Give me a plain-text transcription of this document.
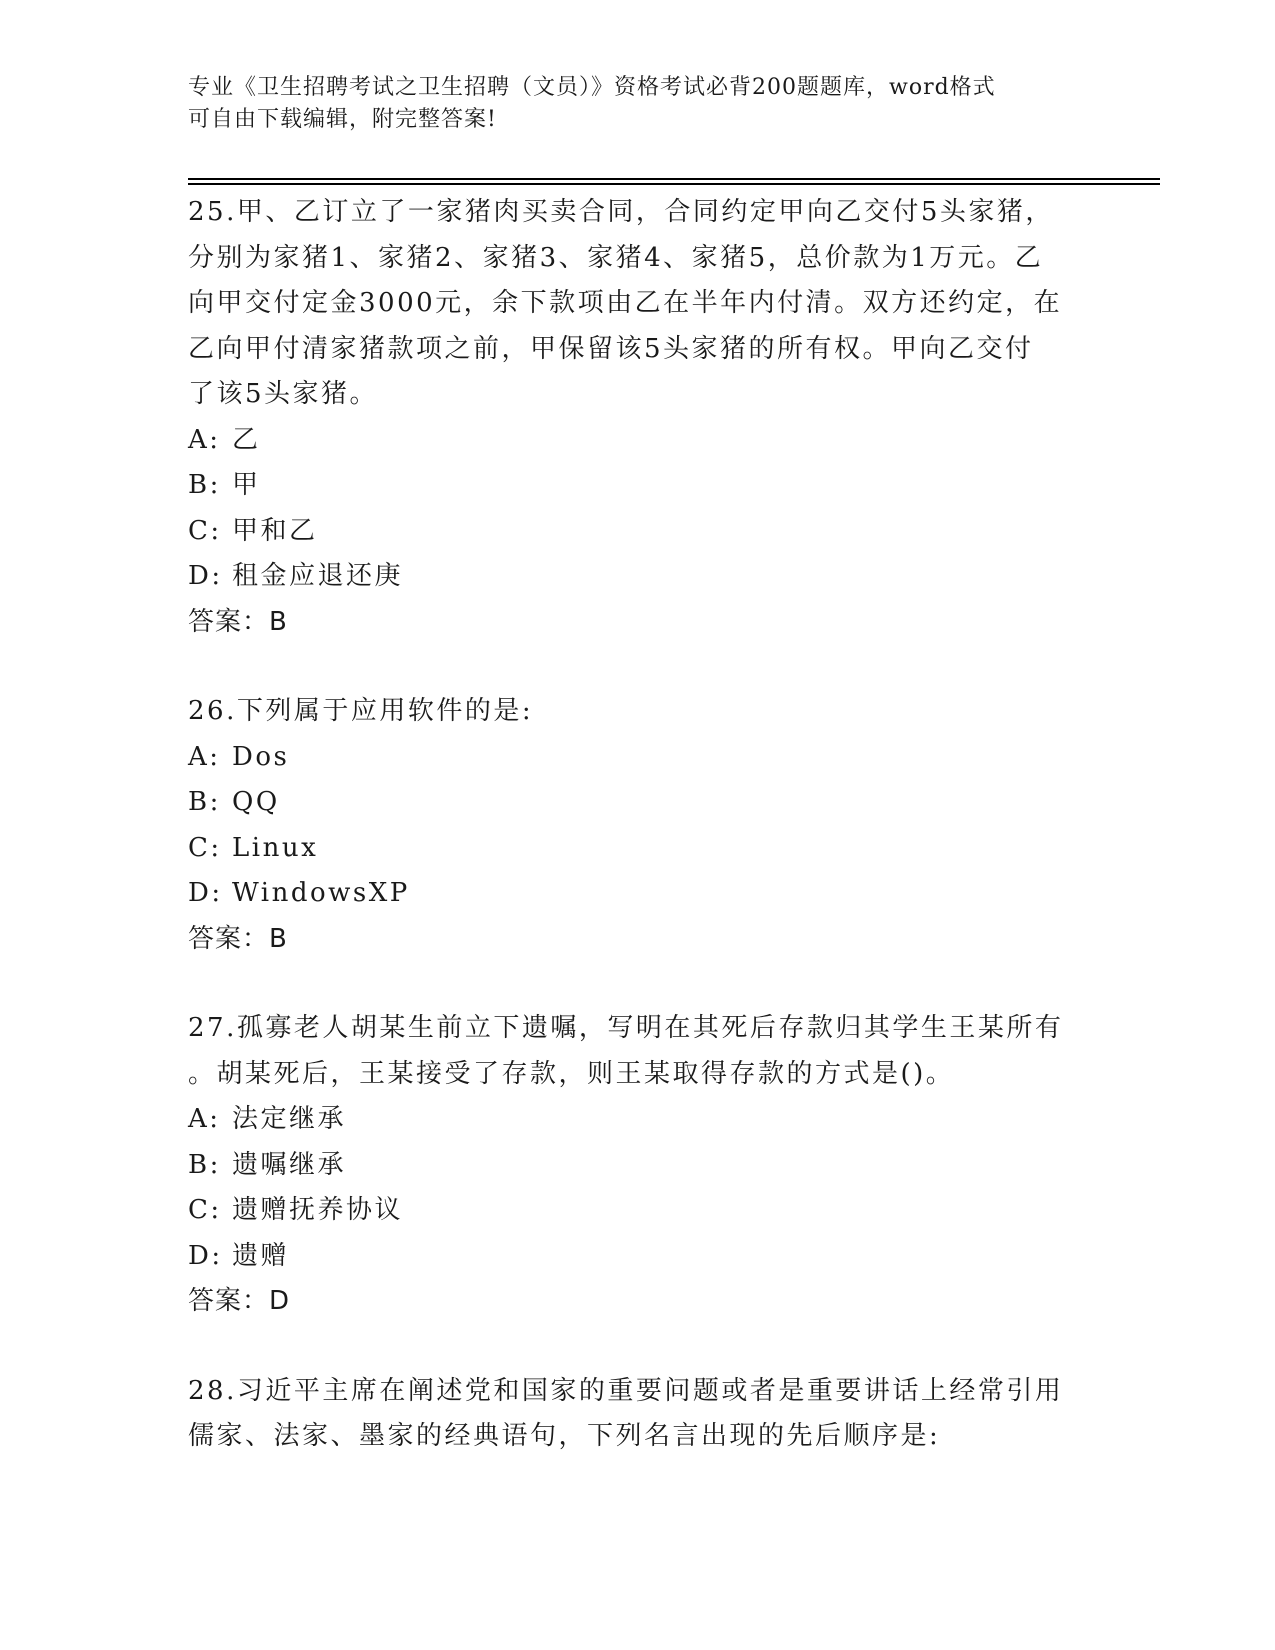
专业《卫生招聘考试之卫生招聘（文员）》资格考试必背200题题库，word格式
可自由下载编辑，附完整答案!
25.甲、乙订立了一家猪肉买卖合同，合同约定甲向乙交付5头家猪，
分别为家猪1、家猪2、家猪3、家猪4、家猪5，总价款为1万元。乙
向甲交付定金3000元，余下款项由乙在半年内付清。双方还约定，在
乙向甲付清家猪款项之前，甲保留该5头家猪的所有权。甲向乙交付
了该5头家猪。
A: 乙
B: 甲
C: 甲和乙
D: 租金应退还庚
答案：B
26.下列属于应用软件的是:
A: Dos
B: QQ
C: Linux
D: WindowsXP
答案：B
27.孤寡老人胡某生前立下遗嘱，写明在其死后存款归其学生王某所有
。胡某死后，王某接受了存款，则王某取得存款的方式是()。
A: 法定继承
B: 遗嘱继承
C: 遗赠抚养协议
D: 遗赠
答案：D
28.习近平主席在阐述党和国家的重要问题或者是重要讲话上经常引用
儒家、法家、墨家的经典语句，下列名言出现的先后顺序是:
